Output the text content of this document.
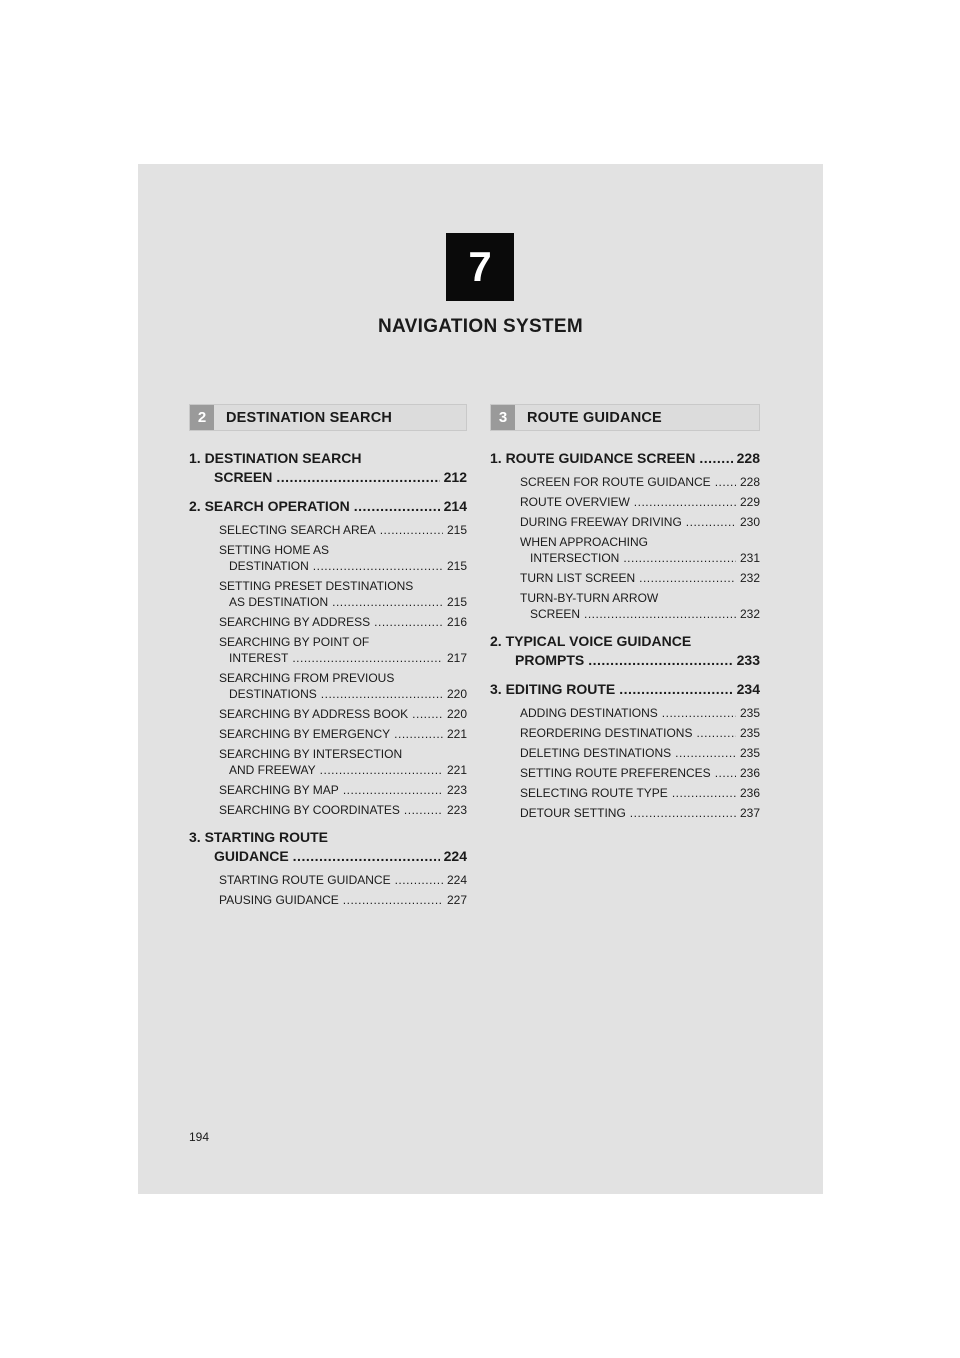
7
NAVIGATION SYSTEM
2	DESTINATION SEARCH
1. DESTINATION SEARCH
SCREEN .....	212
2. SEARCH OPERATION .....	214
SELECTING SEARCH AREA .....	215
SETTING HOME AS
DESTINATION .....	215
SETTING PRESET DESTINATIONS
AS DESTINATION .....	215
SEARCHING BY ADDRESS .....	216
SEARCHING BY POINT OF
INTEREST .....	217
SEARCHING FROM PREVIOUS
DESTINATIONS .....	220
SEARCHING BY ADDRESS BOOK .....	220
SEARCHING BY EMERGENCY .....	221
SEARCHING BY INTERSECTION
AND FREEWAY .....	221
SEARCHING BY MAP .....	223
SEARCHING BY COORDINATES .....	223
3. STARTING ROUTE
GUIDANCE .....	224
STARTING ROUTE GUIDANCE .....	224
PAUSING GUIDANCE .....	227
3	ROUTE GUIDANCE
1. ROUTE GUIDANCE SCREEN .....	228
SCREEN FOR ROUTE GUIDANCE ..... 228
ROUTE OVERVIEW .....	229
DURING FREEWAY DRIVING .....	230
WHEN APPROACHING
INTERSECTION .....	231
TURN LIST SCREEN .....	232
TURN-BY-TURN ARROW
SCREEN .....	232
2. TYPICAL VOICE GUIDANCE
PROMPTS .....	233
3. EDITING ROUTE .....	234
ADDING DESTINATIONS .....	235
REORDERING DESTINATIONS .....	235
DELETING DESTINATIONS .....	235
SETTING ROUTE PREFERENCES ..... 236
SELECTING ROUTE TYPE .....	236
DETOUR SETTING .....	237
194
